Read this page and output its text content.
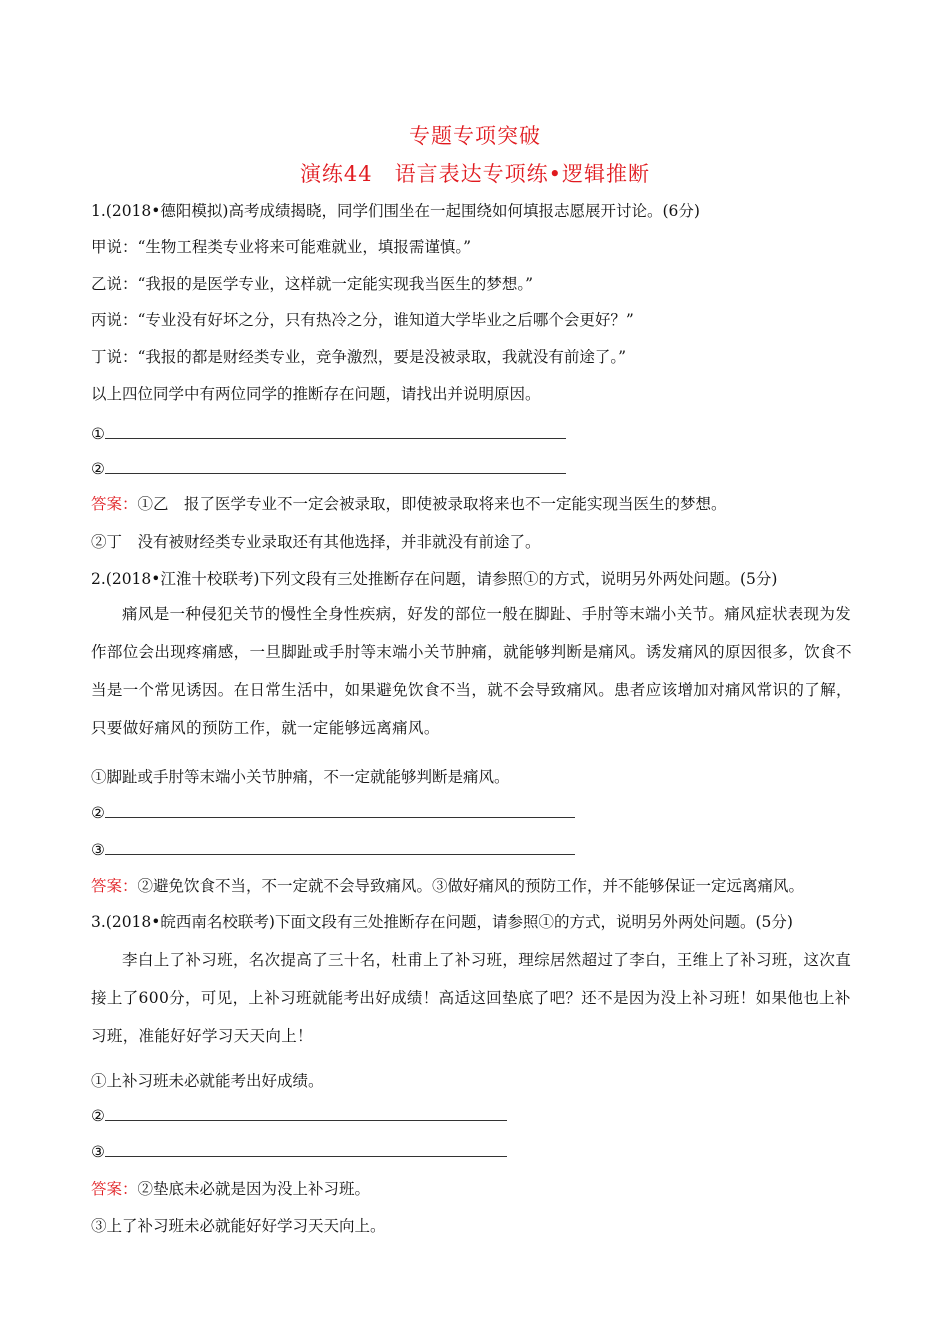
专题专项突破
演练44　语言表达专项练•逻辑推断
1.(2018•德阳模拟)高考成绩揭晓，同学们围坐在一起围绕如何填报志愿展开讨论。(6分)
甲说：“生物工程类专业将来可能难就业，填报需谨慎。”
乙说：“我报的是医学专业，这样就一定能实现我当医生的梦想。”
丙说：“专业没有好坏之分，只有热冷之分，谁知道大学毕业之后哪个会更好？”
丁说：“我报的都是财经类专业，竞争激烈，要是没被录取，我就没有前途了。”
以上四位同学中有两位同学的推断存在问题，请找出并说明原因。
①
②
答案：①乙　报了医学专业不一定会被录取，即使被录取将来也不一定能实现当医生的梦想。
②丁　没有被财经类专业录取还有其他选择，并非就没有前途了。
2.(2018•江淮十校联考)下列文段有三处推断存在问题，请参照①的方式，说明另外两处问题。(5分)
痛风是一种侵犯关节的慢性全身性疾病，好发的部位一般在脚趾、手肘等末端小关节。痛风症状表现为发作部位会出现疼痛感，一旦脚趾或手肘等末端小关节肿痛，就能够判断是痛风。诱发痛风的原因很多，饮食不当是一个常见诱因。在日常生活中，如果避免饮食不当，就不会导致痛风。患者应该增加对痛风常识的了解，只要做好痛风的预防工作，就一定能够远离痛风。
①脚趾或手肘等末端小关节肿痛，不一定就能够判断是痛风。
②
③
答案：②避免饮食不当，不一定就不会导致痛风。③做好痛风的预防工作，并不能够保证一定远离痛风。
3.(2018•皖西南名校联考)下面文段有三处推断存在问题，请参照①的方式，说明另外两处问题。(5分)
李白上了补习班，名次提高了三十名，杜甫上了补习班，理综居然超过了李白，王维上了补习班，这次直接上了600分，可见，上补习班就能考出好成绩！高适这回垫底了吧？还不是因为没上补习班！如果他也上补习班，准能好好学习天天向上！
①上补习班未必就能考出好成绩。
②
③
答案：②垫底未必就是因为没上补习班。
③上了补习班未必就能好好学习天天向上。
